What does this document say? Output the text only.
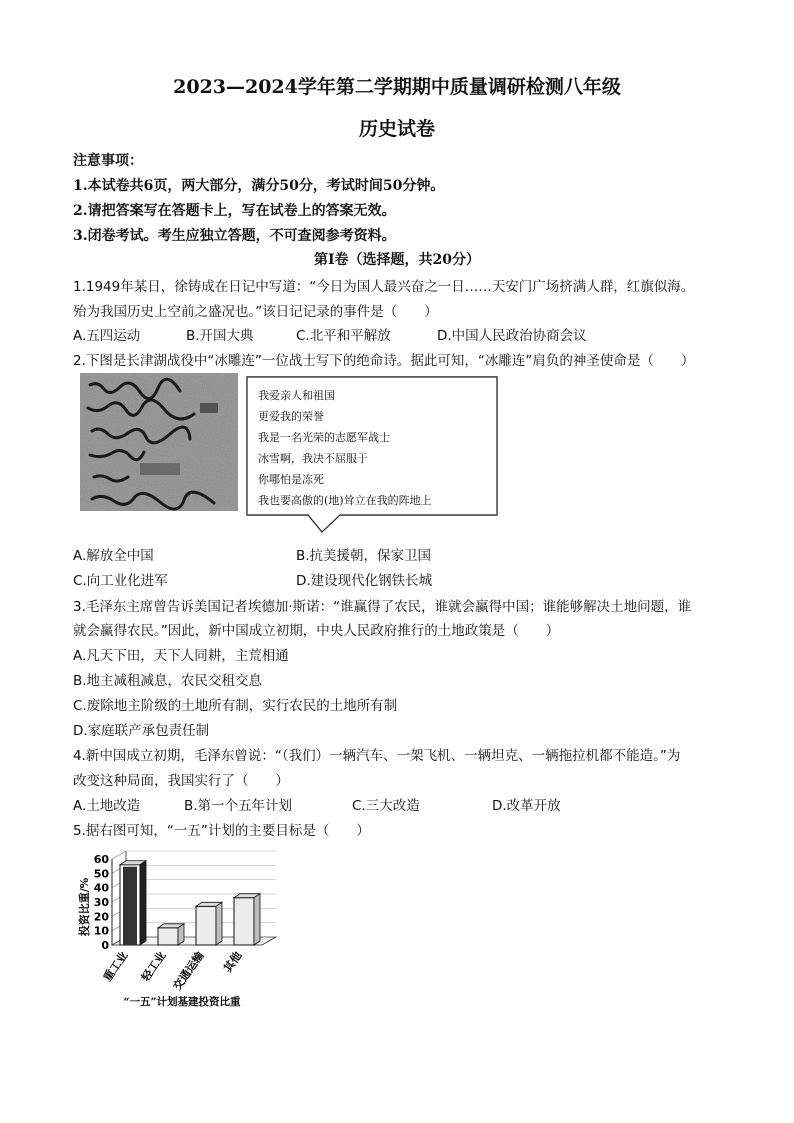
2023—2024学年第二学期期中质量调研检测八年级
历史试卷
注意事项：
1.本试卷共6页，两大部分，满分50分，考试时间50分钟。
2.请把答案写在答题卡上，写在试卷上的答案无效。
3.闭卷考试。考生应独立答题，不可查阅参考资料。
第Ⅰ卷（选择题，共20分）
1.1949年某日，徐铸成在日记中写道：“今日为国人最兴奋之一日……天安门广场挤满人群，红旗似海。
殆为我国历史上空前之盛况也。”该日记记录的事件是（　　）
A.五四运动	B.开国大典	C.北平和平解放	D.中国人民政治协商会议
2.下图是长津湖战役中“冰雕连”一位战士写下的绝命诗。据此可知，“冰雕连”肩负的神圣使命是（　　）
我爱亲人和祖国
更爱我的荣誉
我是一名光荣的志愿军战士
冰雪啊，我决不屈服于
你哪怕是冻死
我也要高傲的(地)耸立在我的阵地上
A.解放全中国	B.抗美援朝，保家卫国
C.向工业化进军	D.建设现代化钢铁长城
3.毛泽东主席曾告诉美国记者埃德加·斯诺：“谁赢得了农民，谁就会赢得中国；谁能够解决土地问题，谁
就会赢得农民。”因此，新中国成立初期，中央人民政府推行的土地政策是（　　）
A.凡天下田，天下人同耕，主荒相通
B.地主减租减息，农民交租交息
C.废除地主阶级的土地所有制，实行农民的土地所有制
D.家庭联产承包责任制
4.新中国成立初期，毛泽东曾说：“（我们）一辆汽车、一架飞机、一辆坦克、一辆拖拉机都不能造。”为
改变这种局面，我国实行了（　　）
A.土地改造	B.第一个五年计划	C.三大改造	D.改革开放
5.据右图可知，“一五”计划的主要目标是（　　）
0
10
20
30
40
50
60
投资比重/%
重工业 轻工业 交通运输 其他
“一五”计划基建投资比重
